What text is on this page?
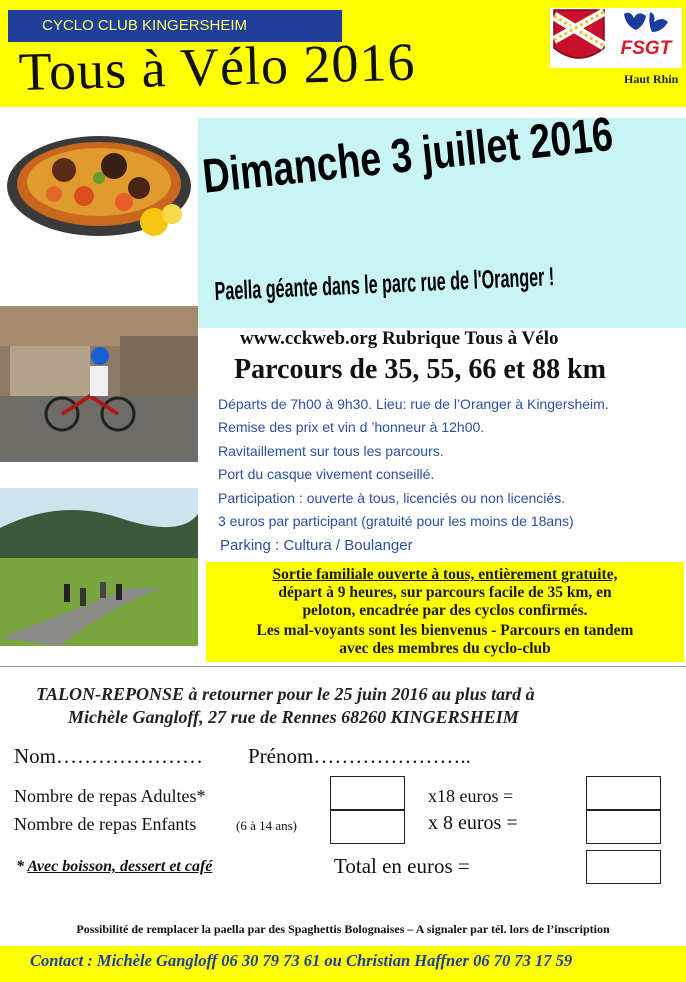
CYCLO CLUB KINGERSHEIM
Tous à Vélo 2016	FSGT
Haut Rhin
Dimanche 3 juillet 2016
Paella géante dans le parc rue de l'Oranger !
www.cckweb.org Rubrique Tous à Vélo
Parcours de 35, 55, 66 et 88 km
Départs de 7h00 à 9h30. Lieu: rue de l’Oranger à Kingersheim.
Remise des prix et vin d ’honneur à 12h00.
Ravitaillement sur tous les parcours.
Port du casque vivement conseillé.
Participation : ouverte à tous, licenciés ou non licenciés.
3 euros par participant (gratuité pour les moins de 18ans)
Parking : Cultura / Boulanger
Sortie familiale ouverte à tous, entièrement gratuite,
départ à 9 heures, sur parcours facile de 35 km, en
peloton, encadrée par des cyclos confirmés.
Les mal-voyants sont les bienvenus - Parcours en tandem
avec des membres du cyclo-club
TALON-REPONSE à retourner pour le 25 juin 2016 au plus tard à
Michèle Gangloff, 27 rue de Rennes 68260 KINGERSHEIM
Nom………………… Prénom…………………..
Nombre de repas Adultes*	x18 euros =
Nombre de repas Enfants	(6 à 14 ans)	x 8 euros =
* Avec boisson, dessert et café	Total en euros =
Possibilité de remplacer la paella par des Spaghettis Bolognaises – A signaler par tél. lors de l’inscription
Contact : Michèle Gangloff 06 30 79 73 61 ou Christian Haffner 06 70 73 17 59
